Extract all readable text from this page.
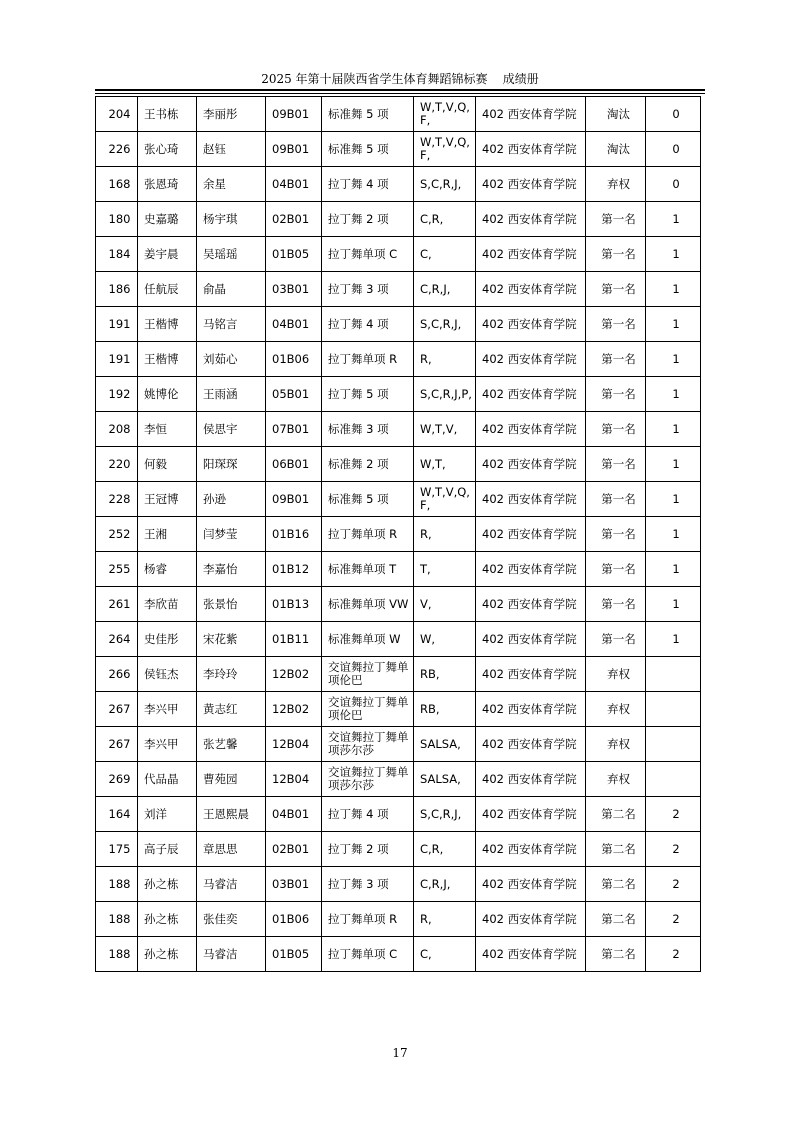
2025 年第十届陕西省学生体育舞蹈锦标赛    成绩册
204	王书栋	李丽彤	09B01	标准舞 5 项	W,T,V,Q,F,	402 西安体育学院	淘汰	0
226	张心琦	赵钰	09B01	标准舞 5 项	W,T,V,Q,F,	402 西安体育学院	淘汰	0
168	张恩琦	余星	04B01	拉丁舞 4 项	S,C,R,J,	402 西安体育学院	弃权	0
180	史嘉璐	杨宇琪	02B01	拉丁舞 2 项	C,R,	402 西安体育学院	第一名	1
184	姜宇晨	吴瑶瑶	01B05	拉丁舞单项 C	C,	402 西安体育学院	第一名	1
186	任航辰	俞晶	03B01	拉丁舞 3 项	C,R,J,	402 西安体育学院	第一名	1
191	王楷博	马铭言	04B01	拉丁舞 4 项	S,C,R,J,	402 西安体育学院	第一名	1
191	王楷博	刘茹心	01B06	拉丁舞单项 R	R,	402 西安体育学院	第一名	1
192	姚博伦	王雨涵	05B01	拉丁舞 5 项	S,C,R,J,P,	402 西安体育学院	第一名	1
208	李恒	侯思宇	07B01	标准舞 3 项	W,T,V,	402 西安体育学院	第一名	1
220	何毅	阳琛琛	06B01	标准舞 2 项	W,T,	402 西安体育学院	第一名	1
228	王冠博	孙逊	09B01	标准舞 5 项	W,T,V,Q,F,	402 西安体育学院	第一名	1
252	王湘	闫梦莹	01B16	拉丁舞单项 R	R,	402 西安体育学院	第一名	1
255	杨睿	李嘉怡	01B12	标准舞单项 T	T,	402 西安体育学院	第一名	1
261	李欣苗	张景怡	01B13	标准舞单项 VW	V,	402 西安体育学院	第一名	1
264	史佳彤	宋花紫	01B11	标准舞单项 W	W,	402 西安体育学院	第一名	1
266	侯钰杰	李玲玲	12B02	交谊舞拉丁舞单项伦巴	RB,	402 西安体育学院	弃权	
267	李兴甲	黄志红	12B02	交谊舞拉丁舞单项伦巴	RB,	402 西安体育学院	弃权	
267	李兴甲	张艺馨	12B04	交谊舞拉丁舞单项莎尔莎	SALSA,	402 西安体育学院	弃权	
269	代品晶	曹苑园	12B04	交谊舞拉丁舞单项莎尔莎	SALSA,	402 西安体育学院	弃权	
164	刘洋	王恩熙晨	04B01	拉丁舞 4 项	S,C,R,J,	402 西安体育学院	第二名	2
175	高子辰	章思思	02B01	拉丁舞 2 项	C,R,	402 西安体育学院	第二名	2
188	孙之栋	马睿洁	03B01	拉丁舞 3 项	C,R,J,	402 西安体育学院	第二名	2
188	孙之栋	张佳奕	01B06	拉丁舞单项 R	R,	402 西安体育学院	第二名	2
188	孙之栋	马睿洁	01B05	拉丁舞单项 C	C,	402 西安体育学院	第二名	2
17
